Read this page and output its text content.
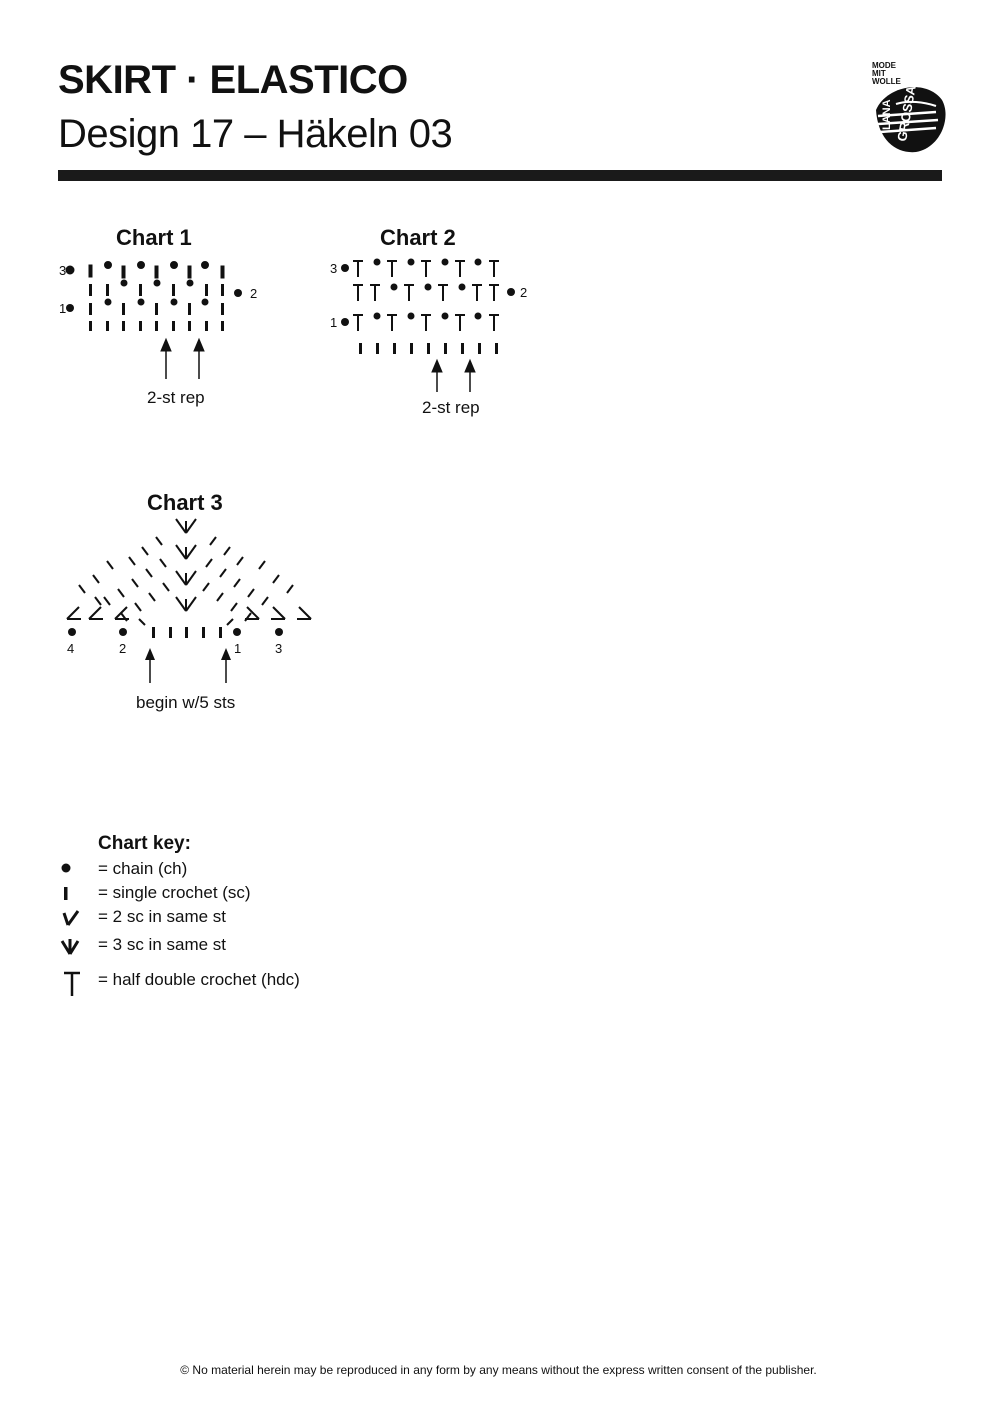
SKIRT · ELASTICO
Design 17 – Häkeln 03
MODE
MIT
WOLLE
LANA GROSSA
Chart 1
3
2
1
2-st rep
Chart 2
3
2
1
2-st rep
Chart 3
4	2	1	3
begin w/5 sts
Chart key:
= chain (ch)
= single crochet (sc)
= 2 sc in same st
= 3 sc in same st
= half double crochet (hdc)
© No material herein may be reproduced in any form by any means without the express written consent of the publisher.
